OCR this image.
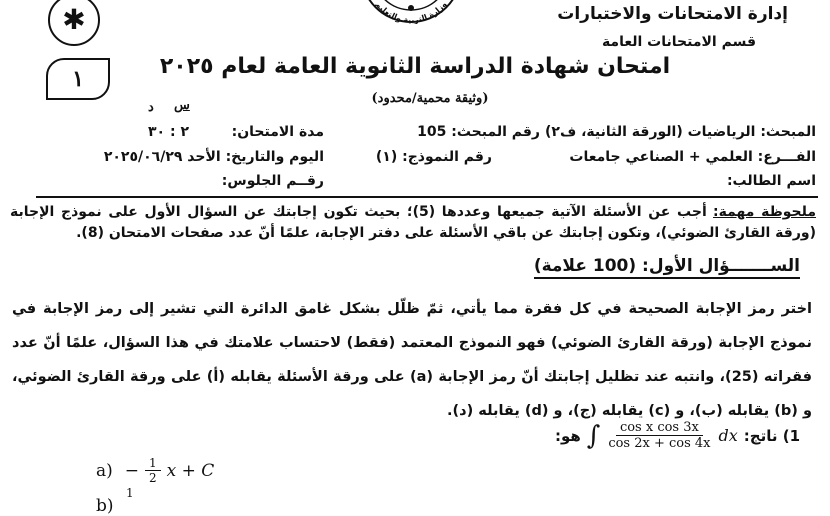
وزارة التربية والتعليم	إدارة الامتحانات والاختبارات
قسم الامتحانات العامة
✱
١	امتحان شهادة الدراسة الثانوية العامة لعام ٢٠٢٥
(وثيقة محمية/محدود)
المبحث: الرياضيات (الورقة الثانية، ف٢)
رقم المبحث: 105
مدة الامتحان:
د س
٢ : ٣٠
الفـــرع: العلمي + الصناعي جامعات
رقم النموذج: (١)
اليوم والتاريخ: الأحد ٢٠٢٥/٠٦/٢٩
اسم الطالب:
رقــم الجلوس:
ملحوظة مهمة: أجب عن الأسئلة الآتية جميعها وعددها (5)؛ بحيث تكون إجابتك عن السؤال الأول على نموذج الإجابة (ورقة القارئ الضوئي)، وتكون إجابتك عن باقي الأسئلة على دفتر الإجابة، علمًا أنّ عدد صفحات الامتحان (8).
الســـــــؤال الأول: (100 علامة)
اختر رمز الإجابة الصحيحة في كل فقرة مما يأتي، ثمّ ظلّل بشكل غامق الدائرة التي تشير إلى رمز الإجابة في نموذج الإجابة (ورقة القارئ الضوئي) فهو النموذج المعتمد (فقط) لاحتساب علامتك في هذا السؤال، علمًا أنّ عدد فقراته (25)، وانتبه عند تظليل إجابتك أنّ رمز الإجابة (a) على ورقة الأسئلة يقابله (أ) على ورقة القارئ الضوئي، و (b) يقابله (ب)، و (c) يقابله (ج)، و (d) يقابله (د).
1) ناتج:
∫ $\frac{\text{cos x cos 3x}}{\cos 2x + \cos 4x}$ dx
هو:
$a) - \frac{1}{2}$ x + C
b)
1
